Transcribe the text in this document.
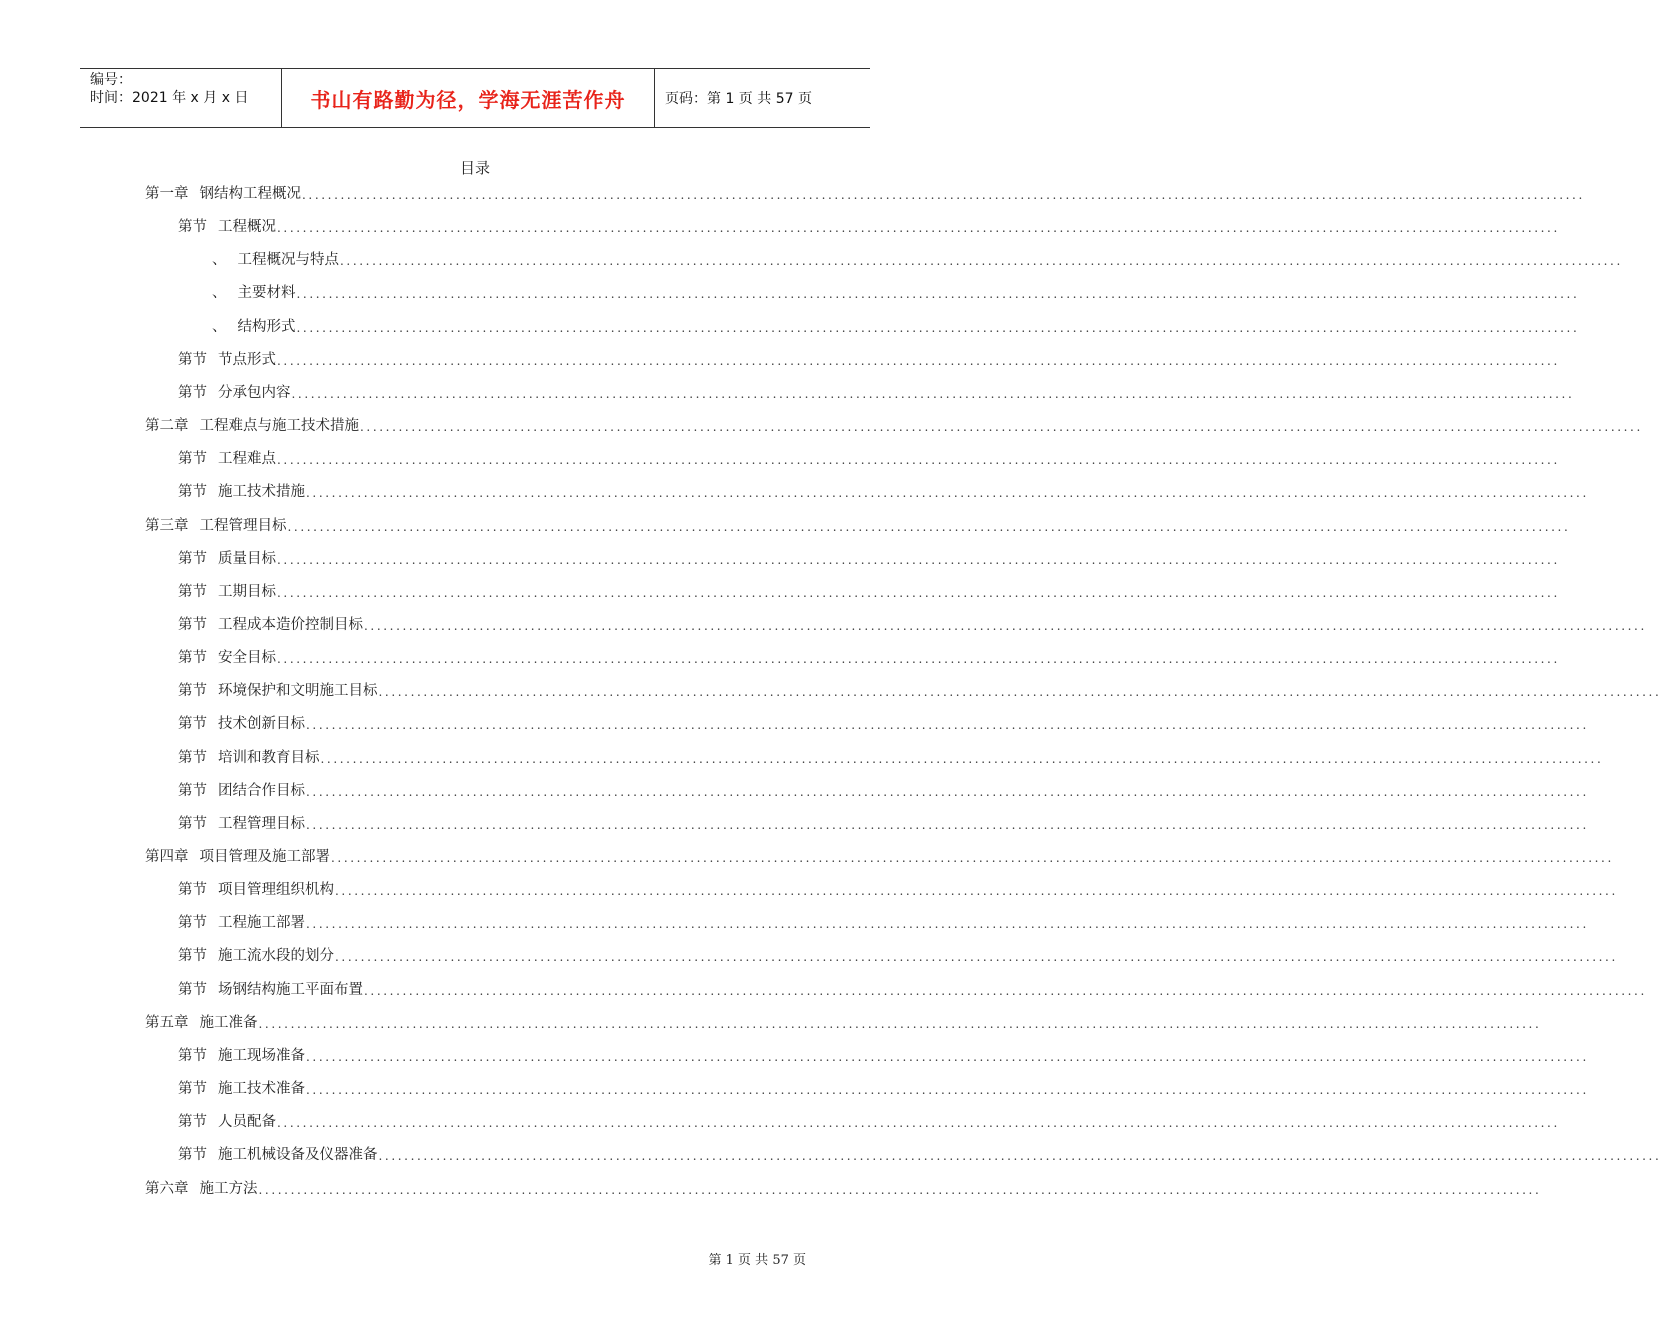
编号：
时间：2021 年 x 月 x 日	书山有路勤为径，学海无涯苦作舟	页码：第 1 页 共 57 页
目录
第一章 钢结构工程概况 ........................................................................................................................................................................................................
第节 工程概况 ........................................................................................................................................................................................................
、 工程概况与特点 ........................................................................................................................................................................................................
、 主要材料 ........................................................................................................................................................................................................
、 结构形式 ........................................................................................................................................................................................................
第节 节点形式 ........................................................................................................................................................................................................
第节 分承包内容 ........................................................................................................................................................................................................
第二章 工程难点与施工技术措施 ........................................................................................................................................................................................................
第节 工程难点 ........................................................................................................................................................................................................
第节 施工技术措施 ........................................................................................................................................................................................................
第三章 工程管理目标 ........................................................................................................................................................................................................
第节 质量目标 ........................................................................................................................................................................................................
第节 工期目标 ........................................................................................................................................................................................................
第节 工程成本造价控制目标 ........................................................................................................................................................................................................
第节 安全目标 ........................................................................................................................................................................................................
第节 环境保护和文明施工目标 ........................................................................................................................................................................................................
第节 技术创新目标 ........................................................................................................................................................................................................
第节 培训和教育目标 ........................................................................................................................................................................................................
第节 团结合作目标 ........................................................................................................................................................................................................
第节 工程管理目标 ........................................................................................................................................................................................................
第四章 项目管理及施工部署 ........................................................................................................................................................................................................
第节 项目管理组织机构 ........................................................................................................................................................................................................
第节 工程施工部署 ........................................................................................................................................................................................................
第节 施工流水段的划分 ........................................................................................................................................................................................................
第节 场钢结构施工平面布置 ........................................................................................................................................................................................................
第五章 施工准备 ........................................................................................................................................................................................................
第节 施工现场准备 ........................................................................................................................................................................................................
第节 施工技术准备 ........................................................................................................................................................................................................
第节 人员配备 ........................................................................................................................................................................................................
第节 施工机械设备及仪器准备 ........................................................................................................................................................................................................
第六章 施工方法 ........................................................................................................................................................................................................
第 1 页 共 57 页
